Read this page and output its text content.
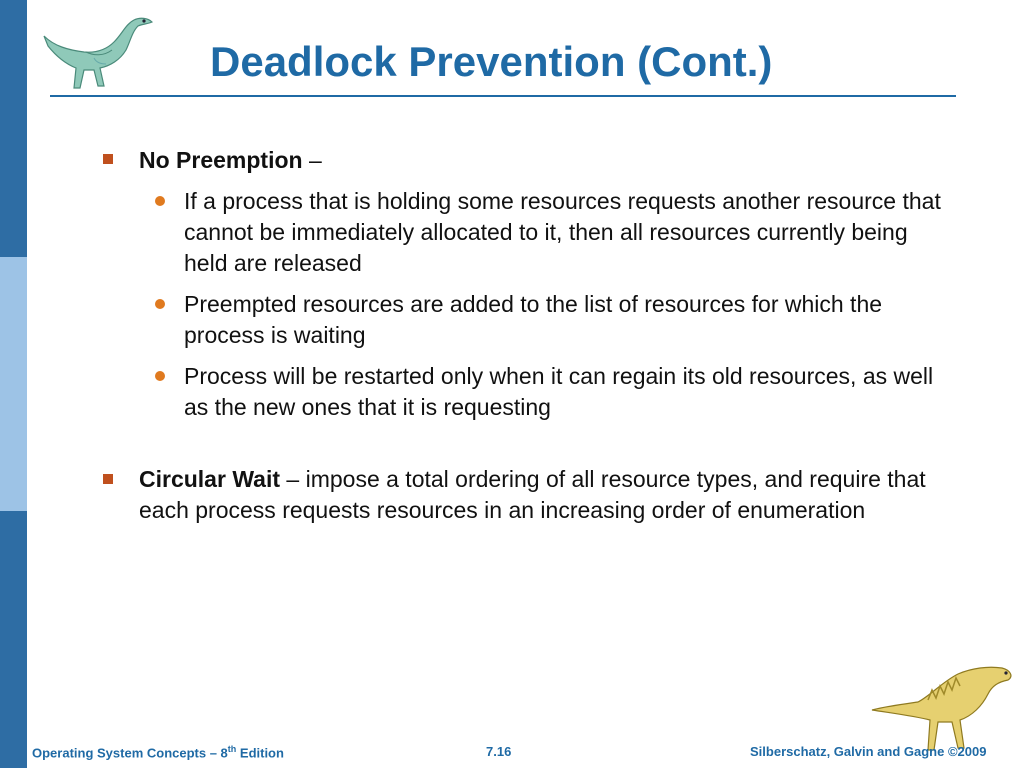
Deadlock Prevention (Cont.)
No Preemption –
If a process that is holding some resources requests another resource that cannot be immediately allocated to it, then all resources currently being held are released
Preempted resources are added to the list of resources for which the process is waiting
Process will be restarted only when it can regain its old resources, as well as the new ones that it is requesting
Circular Wait – impose a total ordering of all resource types, and require that each process requests resources in an increasing order of enumeration
Operating System Concepts – 8th Edition	7.16	Silberschatz, Galvin and Gagne ©2009
